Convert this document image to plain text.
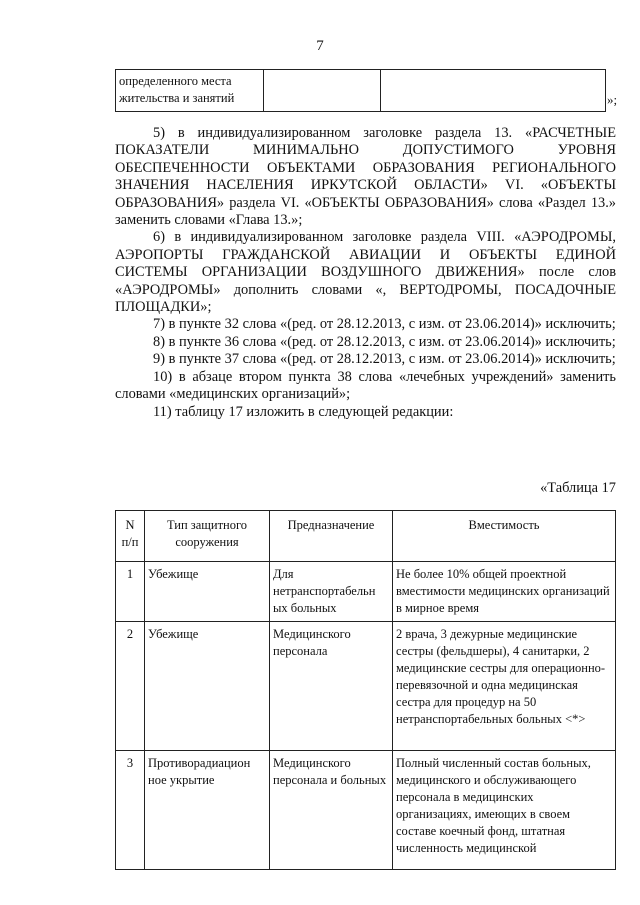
7
определенного места жительства и занятий			»;

5) в индивидуализированном заголовке раздела 13. «РАСЧЕТНЫЕ ПОКАЗАТЕЛИ МИНИМАЛЬНО ДОПУСТИМОГО УРОВНЯ ОБЕСПЕЧЕННОСТИ ОБЪЕКТАМИ ОБРАЗОВАНИЯ РЕГИОНАЛЬНОГО ЗНАЧЕНИЯ НАСЕЛЕНИЯ ИРКУТСКОЙ ОБЛАСТИ» VI. «ОБЪЕКТЫ ОБРАЗОВАНИЯ» раздела VI. «ОБЪЕКТЫ ОБРАЗОВАНИЯ» слова «Раздел 13.» заменить словами «Глава 13.»;

6) в индивидуализированном заголовке раздела VIII. «АЭРОДРОМЫ, АЭРОПОРТЫ ГРАЖДАНСКОЙ АВИАЦИИ И ОБЪЕКТЫ ЕДИНОЙ СИСТЕМЫ ОРГАНИЗАЦИИ ВОЗДУШНОГО ДВИЖЕНИЯ» после слов «АЭРОДРОМЫ» дополнить словами «, ВЕРТОДРОМЫ, ПОСАДОЧНЫЕ ПЛОЩАДКИ»;

7) в пункте 32 слова «(ред. от 28.12.2013, с изм. от 23.06.2014)» исключить;

8) в пункте 36 слова «(ред. от 28.12.2013, с изм. от 23.06.2014)» исключить;

9) в пункте 37 слова «(ред. от 28.12.2013, с изм. от 23.06.2014)» исключить;

10) в абзаце втором пункта 38 слова «лечебных учреждений» заменить словами «медицинских организаций»;

11) таблицу 17 изложить в следующей редакции:

«Таблица 17
N п/п	Тип защитного сооружения	Предназначение	Вместимость
1	Убежище	Для нетранспортабельн ых больных	Не более 10% общей проектной вместимости медицинских организаций в мирное время
2	Убежище	Медицинского персонала	2 врача, 3 дежурные медицинские сестры (фельдшеры), 4 санитарки, 2 медицинские сестры для операционно-перевязочной и одна медицинская сестра для процедур на 50 нетранспортабельных больных <*>
3	Противорадиацион ное укрытие	Медицинского персонала и больных	Полный численный состав больных, медицинского и обслуживающего персонала в медицинских организациях, имеющих в своем составе коечный фонд, штатная численность медицинской
